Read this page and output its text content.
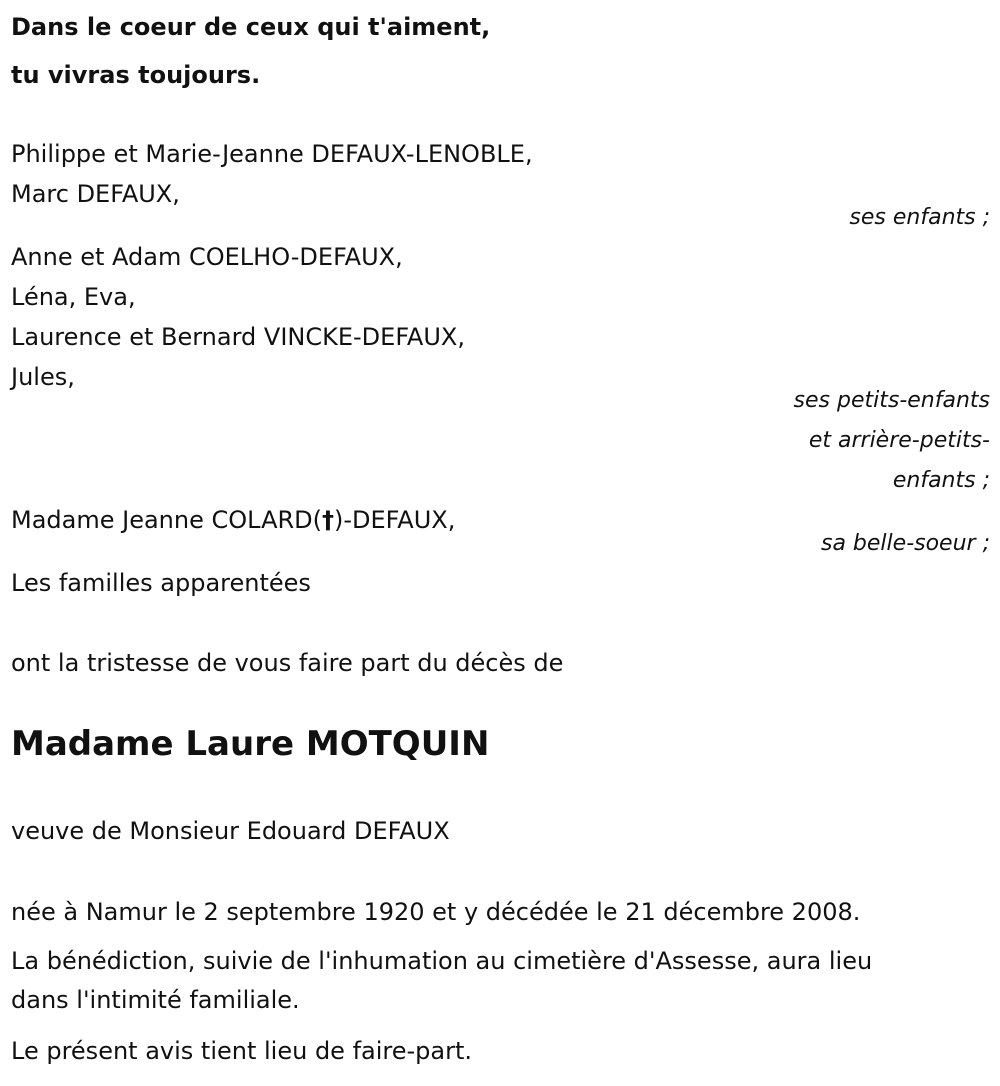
Dans le coeur de ceux qui t'aiment,
tu vivras toujours.
Philippe et Marie-Jeanne DEFAUX-LENOBLE,
Marc DEFAUX,
ses enfants ;
Anne et Adam COELHO-DEFAUX,
Léna, Eva,
Laurence et Bernard VINCKE-DEFAUX,
Jules,
ses petits-enfants
et arrière-petits-
enfants ;
Madame Jeanne COLARD(†)-DEFAUX,
sa belle-soeur ;
Les familles apparentées
ont la tristesse de vous faire part du décès de
Madame Laure MOTQUIN
veuve de Monsieur Edouard DEFAUX
née à Namur le 2 septembre 1920 et y décédée le 21 décembre 2008.
La bénédiction, suivie de l'inhumation au cimetière d'Assesse, aura lieu
dans l'intimité familiale.
Le présent avis tient lieu de faire-part.
